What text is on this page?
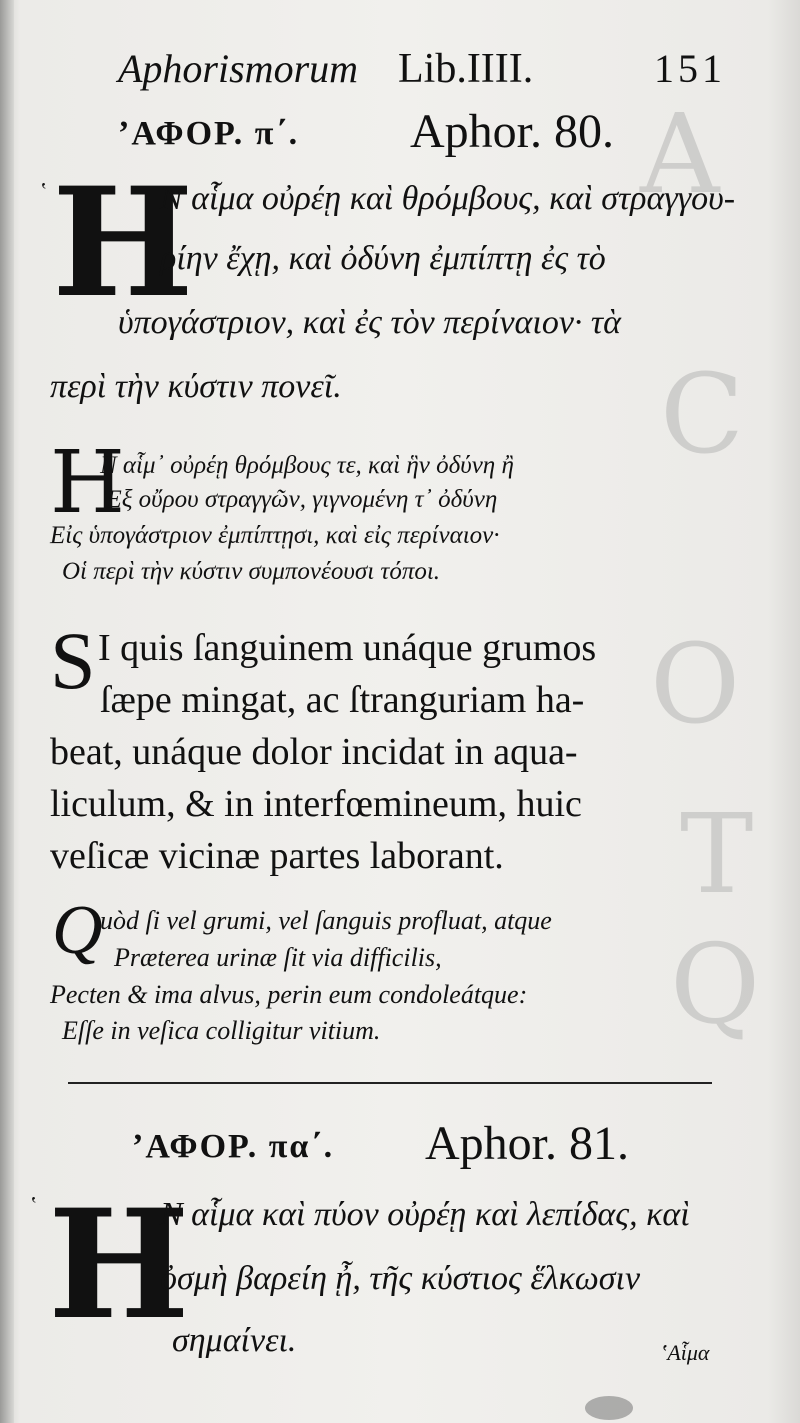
A
C
O
T
Q
Aphorismorum Lib.IIII.	151
ʼΑΦΟΡ. π΄. Aphor. 80.
ʽ H
N αἷμα οὐρέῃ καὶ θρόμβους, καὶ στραγγου-
ρίην ἔχῃ, καὶ ὀδύνη ἐμπίπτῃ ἐς τὸ
ὑπογάστριον, καὶ ἐς τὸν περίναιον· τὰ
περὶ τὴν κύστιν πονεῖ.
H
N αἷμ᾽ οὐρέῃ θρόμβους τε, καὶ ἣν ὀδύνη ἢ
Ἐξ οὔρου στραγγῶν, γιγνομένη τ᾽ ὀδύνη
Εἰς ὑπογάστριον ἐμπίπτῃσι, καὶ εἰς περίναιον·
Οἱ περὶ τὴν κύστιν συμπονέουσι τόποι.
S I quis ſanguinem unáque grumos
ſæpe mingat, ac ſtranguriam ha-
beat, unáque dolor incidat in aqua-
liculum, & in interfœmineum, huic
veſicæ vicinæ partes laborant.
Q
uòd ſi vel grumi, vel ſanguis profluat, atque
Præterea urinæ ſit via difficilis,
Pecten & ima alvus, perin eum condoleátque:
Eſſe in veſica colligitur vitium.
ʼΑΦΟΡ. πα΄. Aphor. 81.
ʽ H
N αἷμα καὶ πύον οὐρέῃ καὶ λεπίδας, καὶ
ὀσμὴ βαρείη ᾖ, τῆς κύστιος ἕλκωσιν
σημαίνει.	ʽΑἷμα
